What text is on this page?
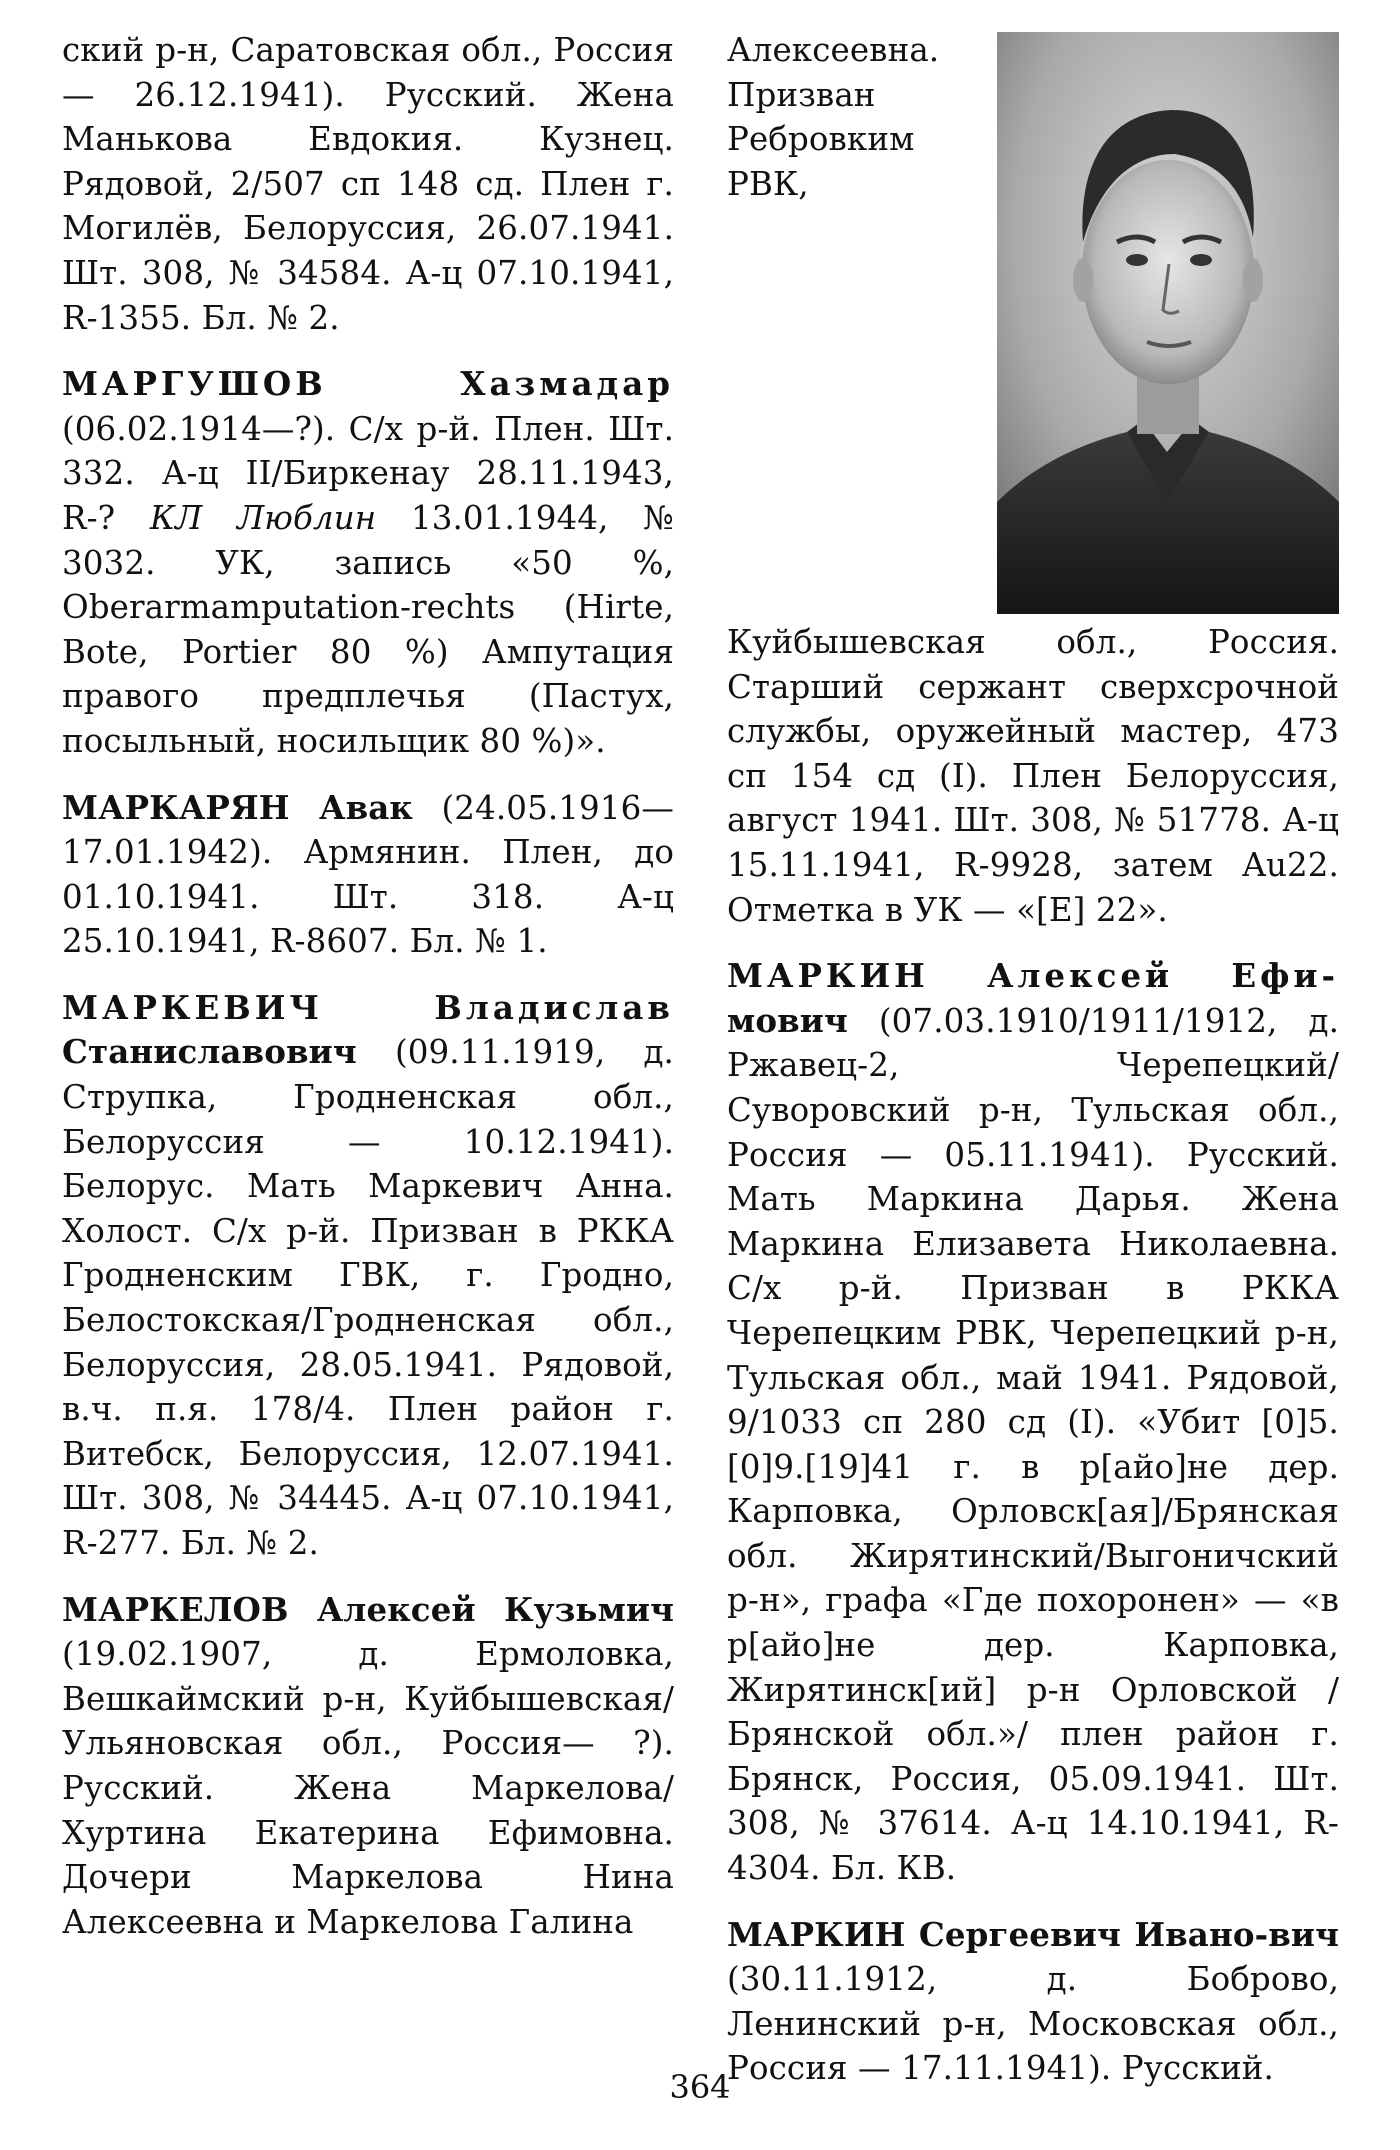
ский р-н, Саратовская обл., Россия — 26.12.1941). Русский. Жена Манькова Евдокия. Кузнец. Рядовой, 2/507 сп 148 сд. Плен г. Могилёв, Белоруссия, 26.07.1941. Шт. 308, № 34584. А-ц 07.10.1941, R-1355. Бл. № 2.

МАРГУШОВ Хазмадар (06.02.1914—?). С/х р-й. Плен. Шт. 332. А-ц II/Биркенау 28.11.1943, R-? КЛ Люблин 13.01.1944, № 3032. УК, запись «50 %, Oberarmamputation-rechts (Hirte, Bote, Portier 80 %) Ампутация правого предплечья (Пастух, посыльный, носильщик 80 %)».

МАРКАРЯН Авак (24.05.1916—17.01.1942). Армянин. Плен, до 01.10.1941. Шт. 318. А-ц 25.10.1941, R-8607. Бл. № 1.

МАРКЕВИЧ Владислав Станиславович (09.11.1919, д. Струпка, Гродненская обл., Белоруссия — 10.12.1941). Белорус. Мать Маркевич Анна. Холост. С/х р-й. Призван в РККА Гродненским ГВК, г. Гродно, Белостокская/Гродненская обл., Белоруссия, 28.05.1941. Рядовой, в.ч. п.я. 178/4. Плен район г. Витебск, Белоруссия, 12.07.1941. Шт. 308, № 34445. А-ц 07.10.1941, R-277. Бл. № 2.

МАРКЕЛОВ Алексей Кузьмич (19.02.1907, д. Ермоловка, Вешкаймский р-н, Куйбышевская/Ульяновская обл., Россия— ?). Русский. Жена Маркелова/Хуртина Екатерина Ефимовна. Дочери Маркелова Нина Алексеевна и Маркелова Галина

Алексеевна. Призван Ребровким РВК, Куйбышевская обл., Россия. Старший сержант сверхсрочной службы, оружейный мастер, 473 сп 154 сд (I). Плен Белоруссия, август 1941. Шт. 308, № 51778. А-ц 15.11.1941, R-9928, затем Au22. Отметка в УК — «[E] 22».

МАРКИН Алексей Ефи-мович (07.03.1910/1911/1912, д. Ржавец-2, Черепецкий/Суворовский р-н, Тульская обл., Россия — 05.11.1941). Русский. Мать Маркина Дарья. Жена Маркина Елизавета Николаевна. С/х р-й. Призван в РККА Черепецким РВК, Черепецкий р-н, Тульская обл., май 1941. Рядовой, 9/1033 сп 280 сд (I). «Убит [0]5.[0]9.[19]41 г. в р[айо]не дер. Карповка, Орловск[ая]/Брянская обл. Жирятинский/Выгоничский р-н», графа «Где похоронен» — «в р[айо]не дер. Карповка, Жирятинск[ий] р-н Орловской / Брянской обл.»/ плен район г. Брянск, Россия, 05.09.1941. Шт. 308, № 37614. А-ц 14.10.1941, R-4304. Бл. КВ.

МАРКИН Сергеевич Ивано-вич (30.11.1912, д. Боброво, Ленинский р-н, Московская обл., Россия — 17.11.1941). Русский.

364
